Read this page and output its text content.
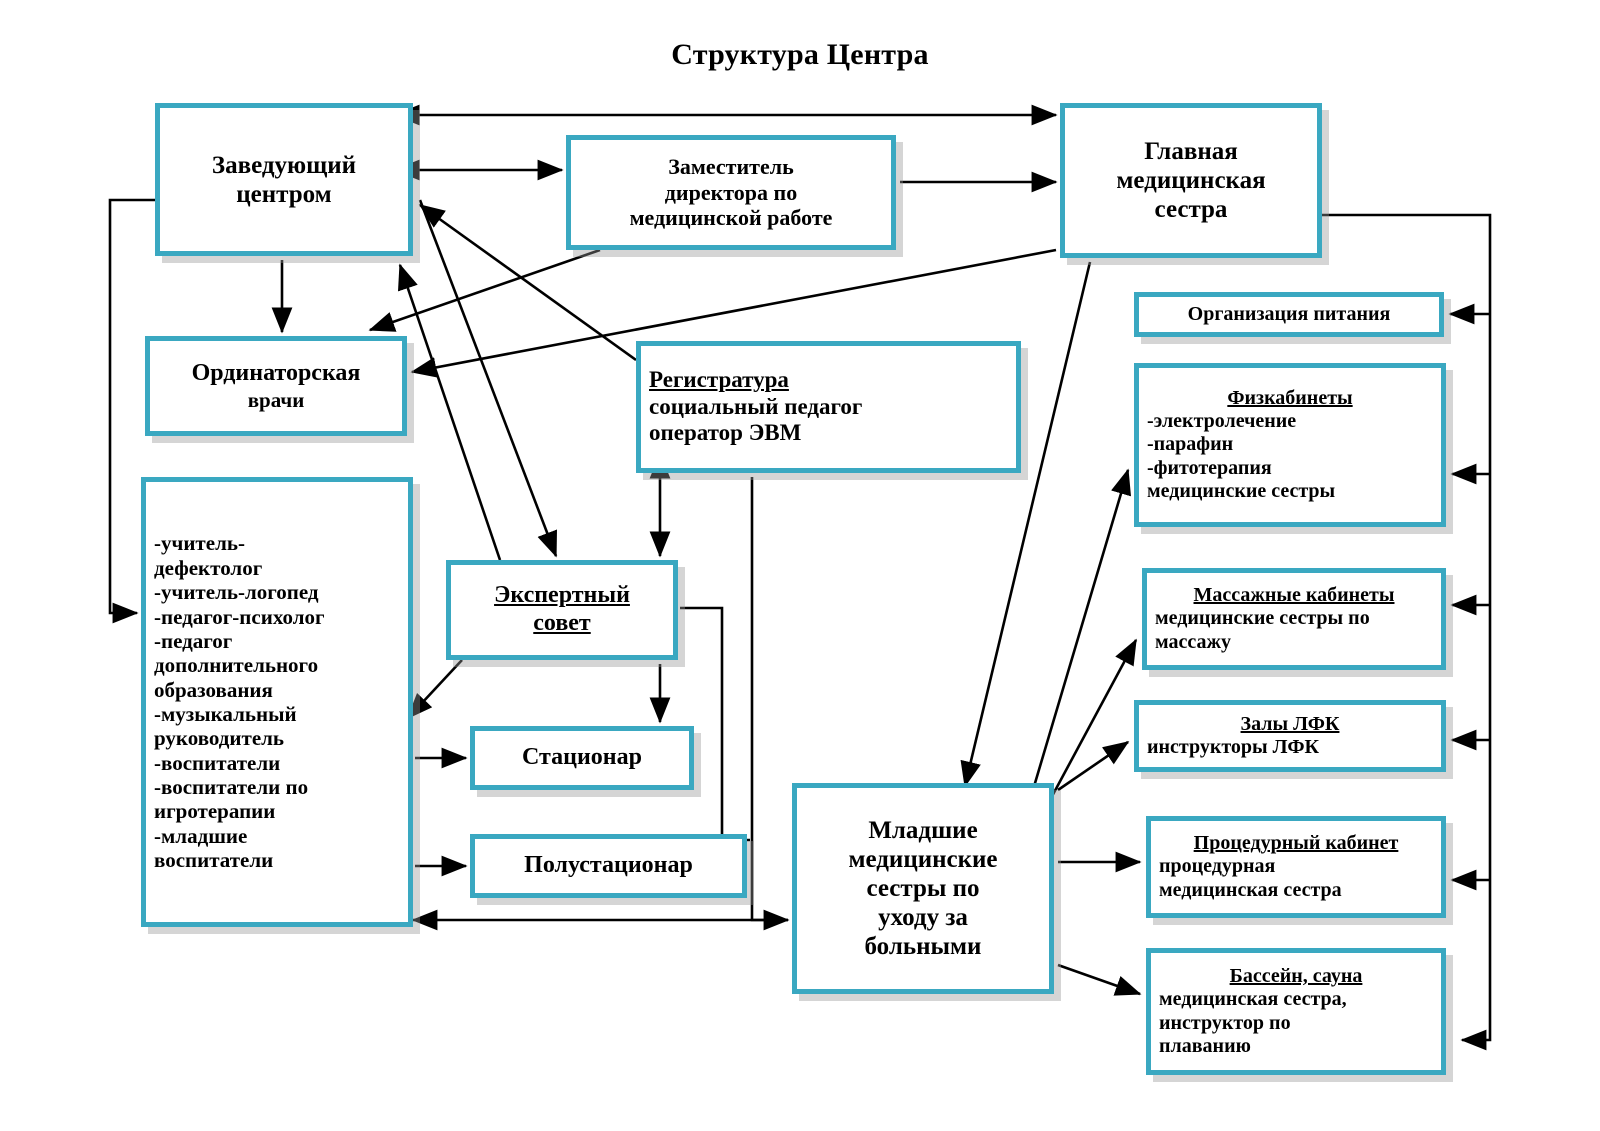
Структура Центра
Заведующий
центром
Заместитель
директора по
медицинской работе
Главная
медицинская
сестра
Ординаторская
врачи
-учитель-
дефектолог
-учитель-логопед
-педагог-психолог
-педагог
дополнительного
образования
-музыкальный
руководитель
-воспитатели
-воспитатели по
игротерапии
-младшие
воспитатели
Регистратура
социальный педагог
оператор ЭВМ
Экспертный
совет
Стационар
Полустационар
Младшие
медицинские
сестры по
уходу за
больными
Организация питания
Физкабинеты
-электролечение
-парафин
-фитотерапия
медицинские сестры
Массажные кабинеты
медицинские сестры по
массажу
Залы ЛФК
инструкторы ЛФК
Процедурный кабинет
процедурная
медицинская сестра
Бассейн, сауна
медицинская сестра,
инструктор по
плаванию
